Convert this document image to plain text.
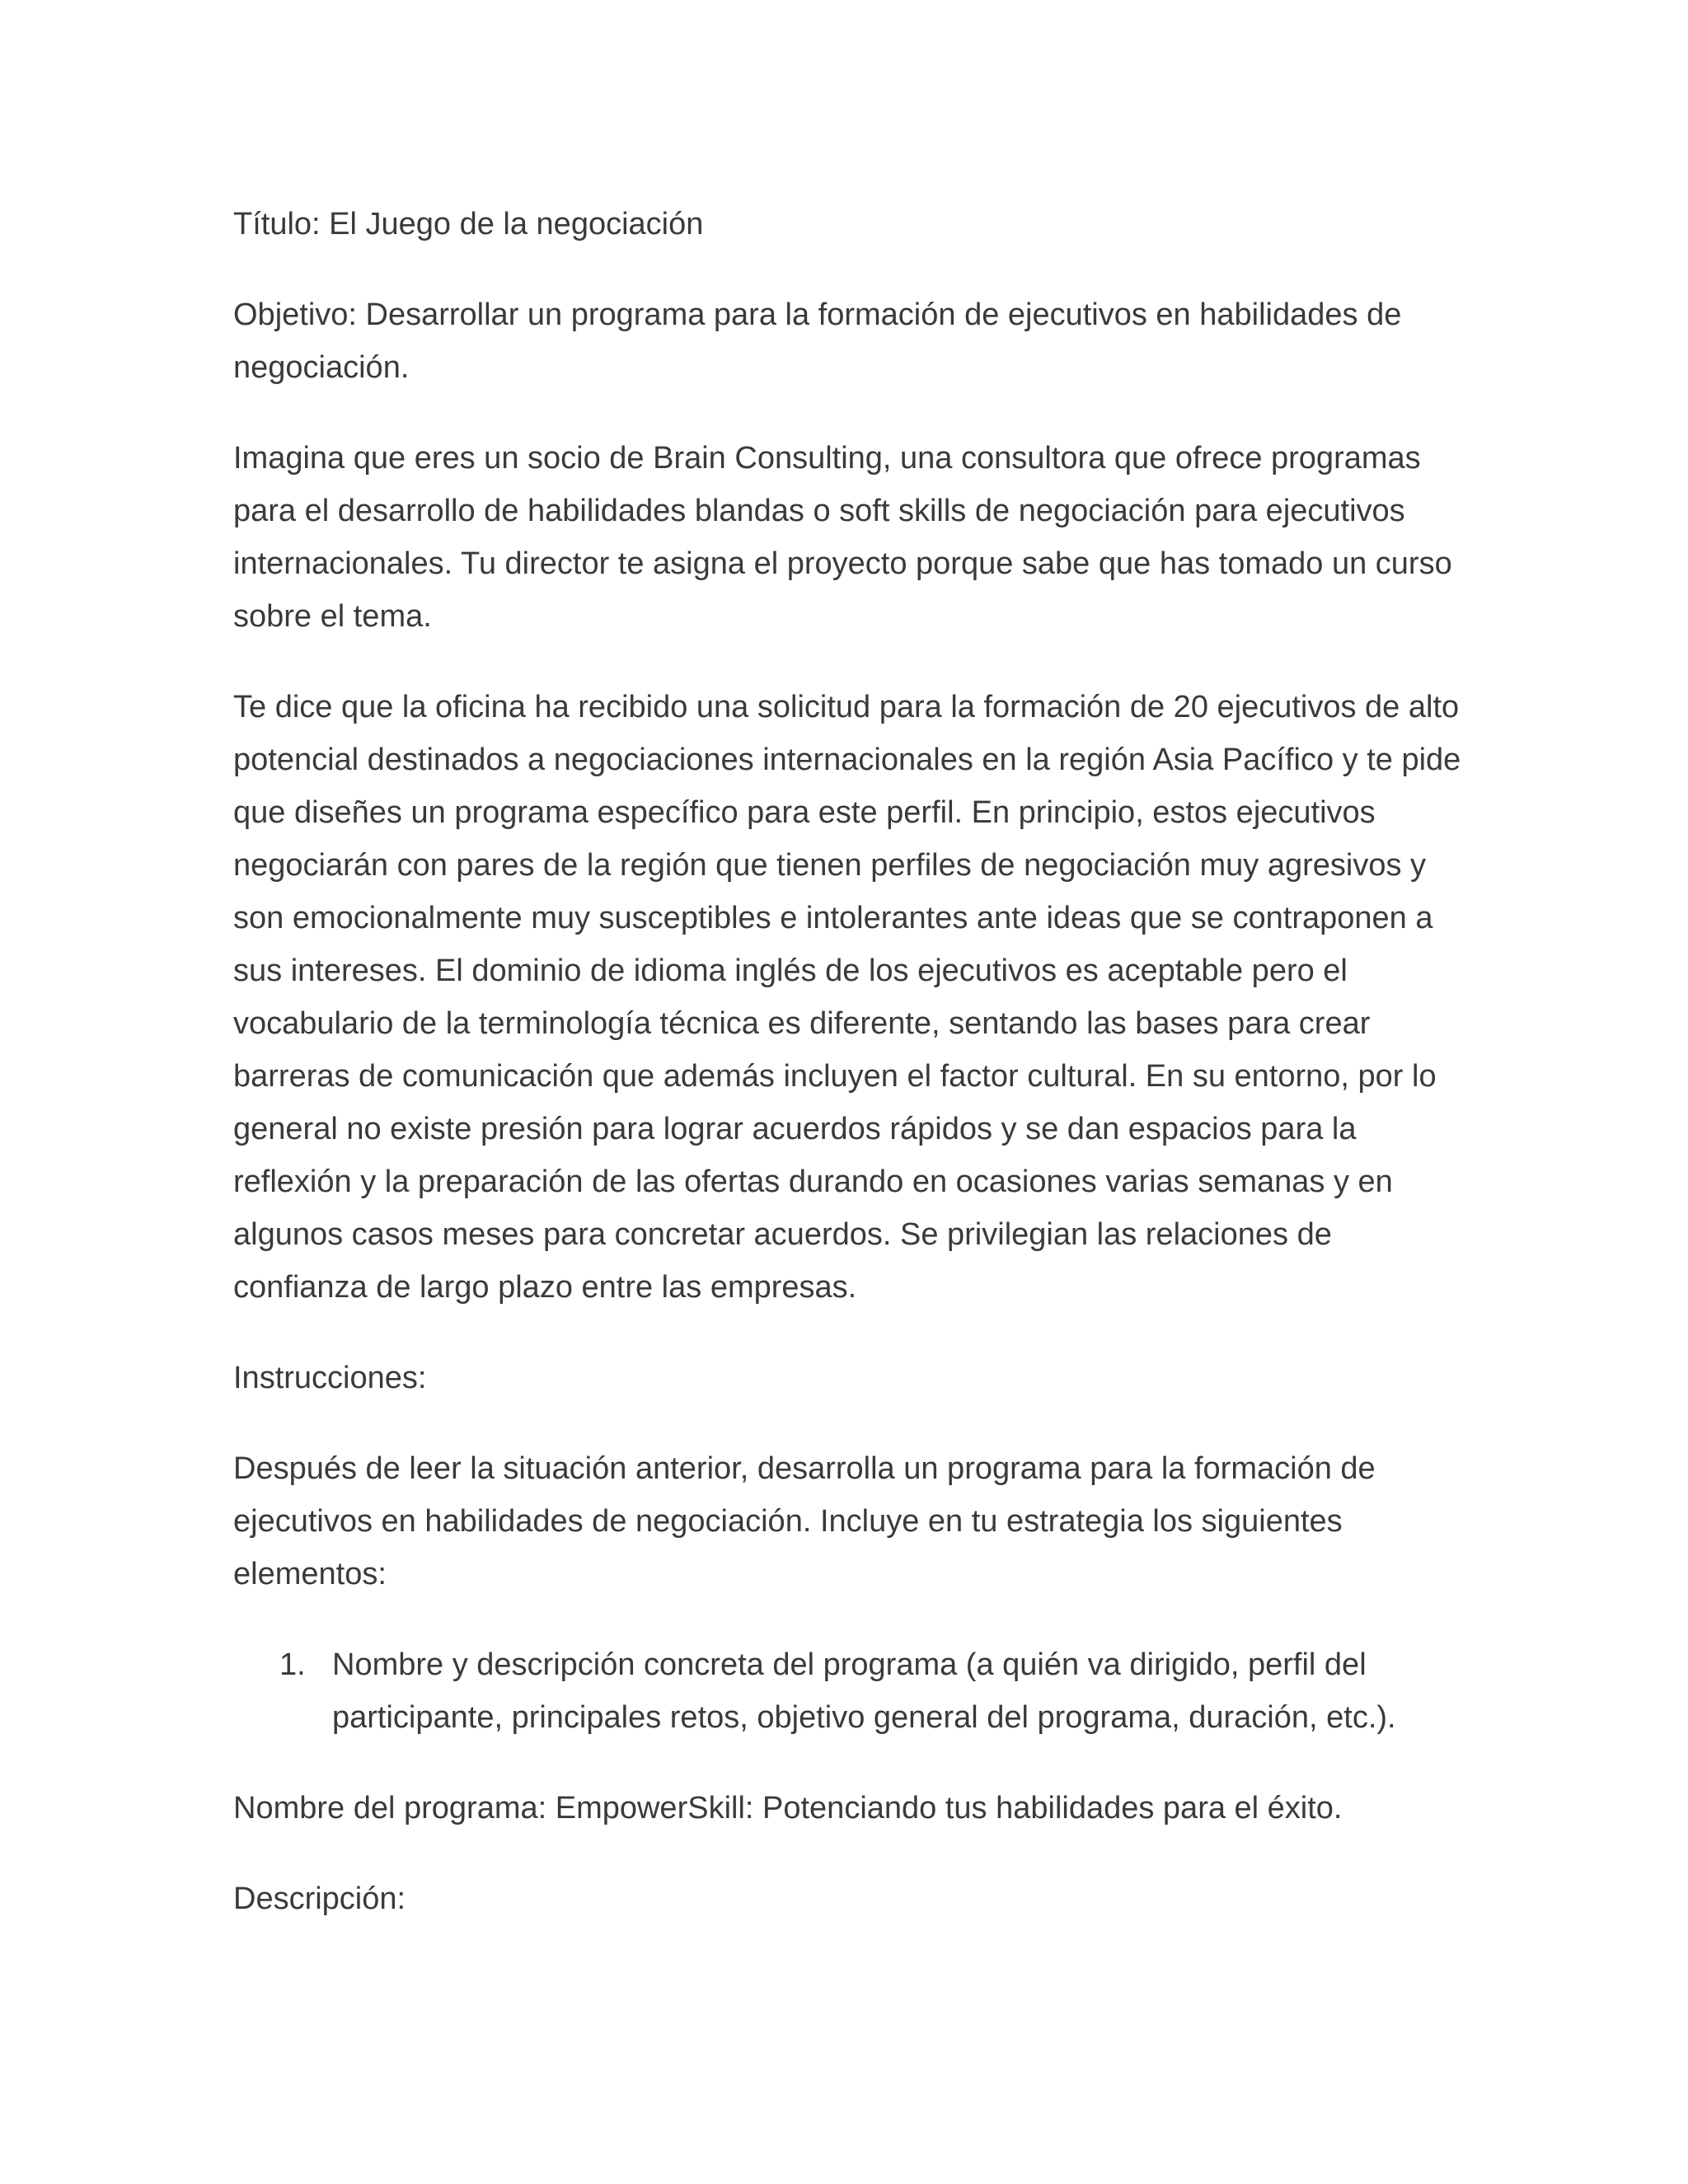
Título: El Juego de la negociación

Objetivo: Desarrollar un programa para la formación de ejecutivos en habilidades de negociación.

Imagina que eres un socio de Brain Consulting, una consultora que ofrece programas para el desarrollo de habilidades blandas o soft skills de negociación para ejecutivos internacionales. Tu director te asigna el proyecto porque sabe que has tomado un curso sobre el tema.

Te dice que la oficina ha recibido una solicitud para la formación de 20 ejecutivos de alto potencial destinados a negociaciones internacionales en la región Asia Pacífico y te pide que diseñes un programa específico para este perfil. En principio, estos ejecutivos negociarán con pares de la región que tienen perfiles de negociación muy agresivos y son emocionalmente muy susceptibles e intolerantes ante ideas que se contraponen a sus intereses. El dominio de idioma inglés de los ejecutivos es aceptable pero el vocabulario de la terminología técnica es diferente, sentando las bases para crear barreras de comunicación que además incluyen el factor cultural. En su entorno, por lo general no existe presión para lograr acuerdos rápidos y se dan espacios para la reflexión y la preparación de las ofertas durando en ocasiones varias semanas y en algunos casos meses para concretar acuerdos. Se privilegian las relaciones de confianza de largo plazo entre las empresas.

Instrucciones:

Después de leer la situación anterior, desarrolla un programa para la formación de ejecutivos en habilidades de negociación. Incluye en tu estrategia los siguientes elementos:

1. Nombre y descripción concreta del programa (a quién va dirigido, perfil del participante, principales retos, objetivo general del programa, duración, etc.).

Nombre del programa: EmpowerSkill: Potenciando tus habilidades para el éxito.

Descripción:
